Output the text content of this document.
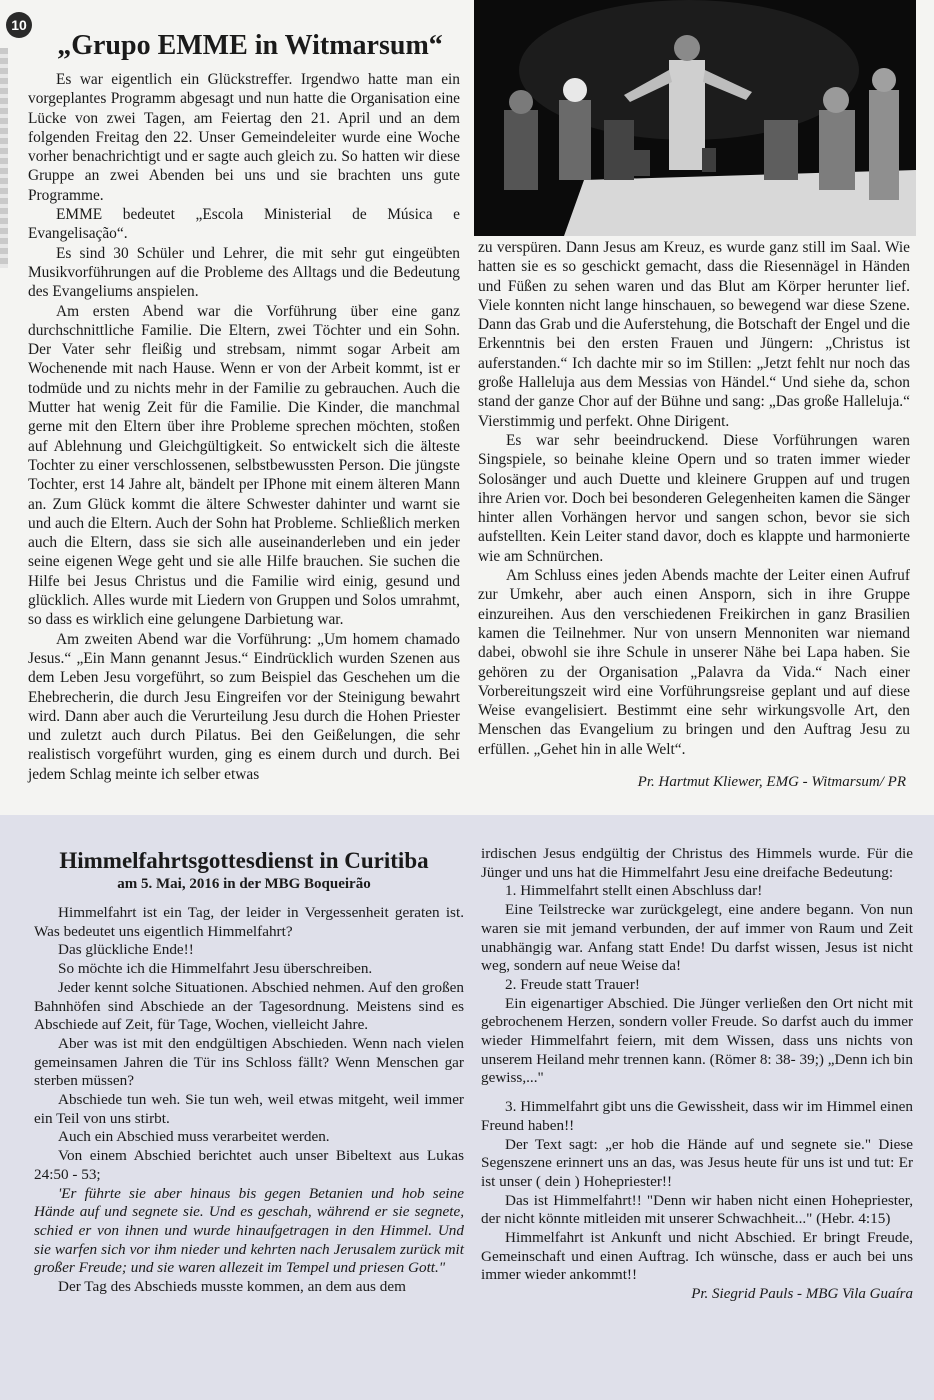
10
„Grupo EMME in Witmarsum“

Es war eigentlich ein Glückstreffer. Irgendwo hatte man ein vorgeplantes Programm abgesagt und nun hatte die Organisation eine Lücke von zwei Tagen, am Feiertag den 21. April und an dem folgenden Freitag den 22. Unser Gemeindeleiter wurde eine Woche vorher benachrichtigt und er sagte auch gleich zu. So hatten wir diese Gruppe an zwei Abenden bei uns und sie brachten uns gute Programme.

EMME bedeutet „Escola Ministerial de Música e Evangelisação“.

Es sind 30 Schüler und Lehrer, die mit sehr gut eingeübten Musikvorführungen auf die Probleme des Alltags und die Bedeutung des Evangeliums anspielen.

Am ersten Abend war die Vorführung über eine ganz durchschnittliche Familie. Die Eltern, zwei Töchter und ein Sohn. Der Vater sehr fleißig und strebsam, nimmt sogar Arbeit am Wochenende mit nach Hause. Wenn er von der Arbeit kommt, ist er todmüde und zu nichts mehr in der Familie zu gebrauchen. Auch die Mutter hat wenig Zeit für die Familie. Die Kinder, die manchmal gerne mit den Eltern über ihre Probleme sprechen möchten, stoßen auf Ablehnung und Gleichgültigkeit. So entwickelt sich die älteste Tochter zu einer verschlossenen, selbstbewussten Person. Die jüngste Tochter, erst 14 Jahre alt, bändelt per IPhone mit einem älteren Mann an. Zum Glück kommt die ältere Schwester dahinter und warnt sie und auch die Eltern. Auch der Sohn hat Probleme. Schließlich merken auch die Eltern, dass sie sich alle auseinanderleben und ein jeder seine eigenen Wege geht und sie alle Hilfe brauchen. Sie suchen die Hilfe bei Jesus Christus und die Familie wird einig, gesund und glücklich. Alles wurde mit Liedern von Gruppen und Solos umrahmt, so dass es wirklich eine gelungene Darbietung war.

Am zweiten Abend war die Vorführung: „Um homem chamado Jesus.“ „Ein Mann genannt Jesus.“ Eindrücklich wurden Szenen aus dem Leben Jesu vorgeführt, so zum Beispiel das Geschehen um die Ehebrecherin, die durch Jesu Eingreifen vor der Steinigung bewahrt wird. Dann aber auch die Verurteilung Jesu durch die Hohen Priester und zuletzt auch durch Pilatus. Bei den Geißelungen, die sehr realistisch vorgeführt wurden, ging es einem durch und durch. Bei jedem Schlag meinte ich selber etwas

zu verspüren. Dann Jesus am Kreuz, es wurde ganz still im Saal. Wie hatten sie es so geschickt gemacht, dass die Riesennägel in Händen und Füßen zu sehen waren und das Blut am Körper herunter lief. Viele konnten nicht lange hinschauen, so bewegend war diese Szene. Dann das Grab und die Auferstehung, die Botschaft der Engel und die Erkenntnis bei den ersten Frauen und Jüngern: „Christus ist auferstanden.“ Ich dachte mir so im Stillen: „Jetzt fehlt nur noch das große Halleluja aus dem Messias von Händel.“ Und siehe da, schon stand der ganze Chor auf der Bühne und sang: „Das große Halleluja.“ Vierstimmig und perfekt. Ohne Dirigent.

Es war sehr beeindruckend. Diese Vorführungen waren Singspiele, so beinahe kleine Opern und so traten immer wieder Solosänger und auch Duette und kleinere Gruppen auf und trugen ihre Arien vor. Doch bei besonderen Gelegenheiten kamen die Sänger hinter allen Vorhängen hervor und sangen schon, bevor sie sich aufstellten. Kein Leiter stand davor, doch es klappte und harmonierte wie am Schnürchen.

Am Schluss eines jeden Abends machte der Leiter einen Aufruf zur Umkehr, aber auch einen Ansporn, sich in ihre Gruppe einzureihen. Aus den verschiedenen Freikirchen in ganz Brasilien kamen die Teilnehmer. Nur von unsern Mennoniten war niemand dabei, obwohl sie ihre Schule in unserer Nähe bei Lapa haben. Sie gehören zu der Organisation „Palavra da Vida.“ Nach einer Vorbereitungszeit wird eine Vorführungsreise geplant und auf diese Weise evangelisiert. Bestimmt eine sehr wirkungsvolle Art, den Menschen das Evangelium zu bringen und den Auftrag Jesu zu erfüllen. „Gehet hin in alle Welt“.

Pr. Hartmut Kliewer, EMG - Witmarsum/ PR
Himmelfahrtsgottesdienst in Curitiba
am 5. Mai, 2016 in der MBG Boqueirão

Himmelfahrt ist ein Tag, der leider in Vergessenheit geraten ist. Was bedeutet uns eigentlich Himmelfahrt?

Das glückliche Ende!!

So möchte ich die Himmelfahrt Jesu überschreiben.

Jeder kennt solche Situationen. Abschied nehmen. Auf den großen Bahnhöfen sind Abschiede an der Tagesordnung. Meistens sind es Abschiede auf Zeit, für Tage, Wochen, vielleicht Jahre.

Aber was ist mit den endgültigen Abschieden. Wenn nach vielen gemeinsamen Jahren die Tür ins Schloss fällt? Wenn Menschen gar sterben müssen?

Abschiede tun weh. Sie tun weh, weil etwas mitgeht, weil immer ein Teil von uns stirbt.

Auch ein Abschied muss verarbeitet werden.

Von einem Abschied berichtet auch unser Bibeltext aus Lukas 24:50 - 53;

'Er führte sie aber hinaus bis gegen Betanien und hob seine Hände auf und segnete sie. Und es geschah, während er sie segnete, schied er von ihnen und wurde hinaufgetragen in den Himmel. Und sie warfen sich vor ihm nieder und kehrten nach Jerusalem zurück mit großer Freude; und sie waren allezeit im Tempel und priesen Gott."

Der Tag des Abschieds musste kommen, an dem aus dem

irdischen Jesus endgültig der Christus des Himmels wurde. Für die Jünger und uns hat die Himmelfahrt Jesu eine dreifache Bedeutung:

1. Himmelfahrt stellt einen Abschluss dar!

Eine Teilstrecke war zurückgelegt, eine andere begann. Von nun waren sie mit jemand verbunden, der auf immer von Raum und Zeit unabhängig war. Anfang statt Ende! Du darfst wissen, Jesus ist nicht weg, sondern auf neue Weise da!

2. Freude statt Trauer!

Ein eigenartiger Abschied. Die Jünger verließen den Ort nicht mit gebrochenem Herzen, sondern voller Freude. So darfst auch du immer wieder Himmelfahrt feiern, mit dem Wissen, dass uns nichts von unserem Heiland mehr trennen kann. (Römer 8: 38- 39;) „Denn ich bin gewiss,..."

3. Himmelfahrt gibt uns die Gewissheit, dass wir im Himmel einen Freund haben!!

Der Text sagt: „er hob die Hände auf und segnete sie." Diese Segenszene erinnert uns an das, was Jesus heute für uns ist und tut: Er ist unser ( dein ) Hohepriester!!

Das ist Himmelfahrt!! "Denn wir haben nicht einen Hohepriester, der nicht könnte mitleiden mit unserer Schwachheit..." (Hebr. 4:15)

Himmelfahrt ist Ankunft und nicht Abschied. Er bringt Freude, Gemeinschaft und einen Auftrag. Ich wünsche, dass er auch bei uns immer wieder ankommt!!

Pr. Siegrid Pauls - MBG Vila Guaíra
